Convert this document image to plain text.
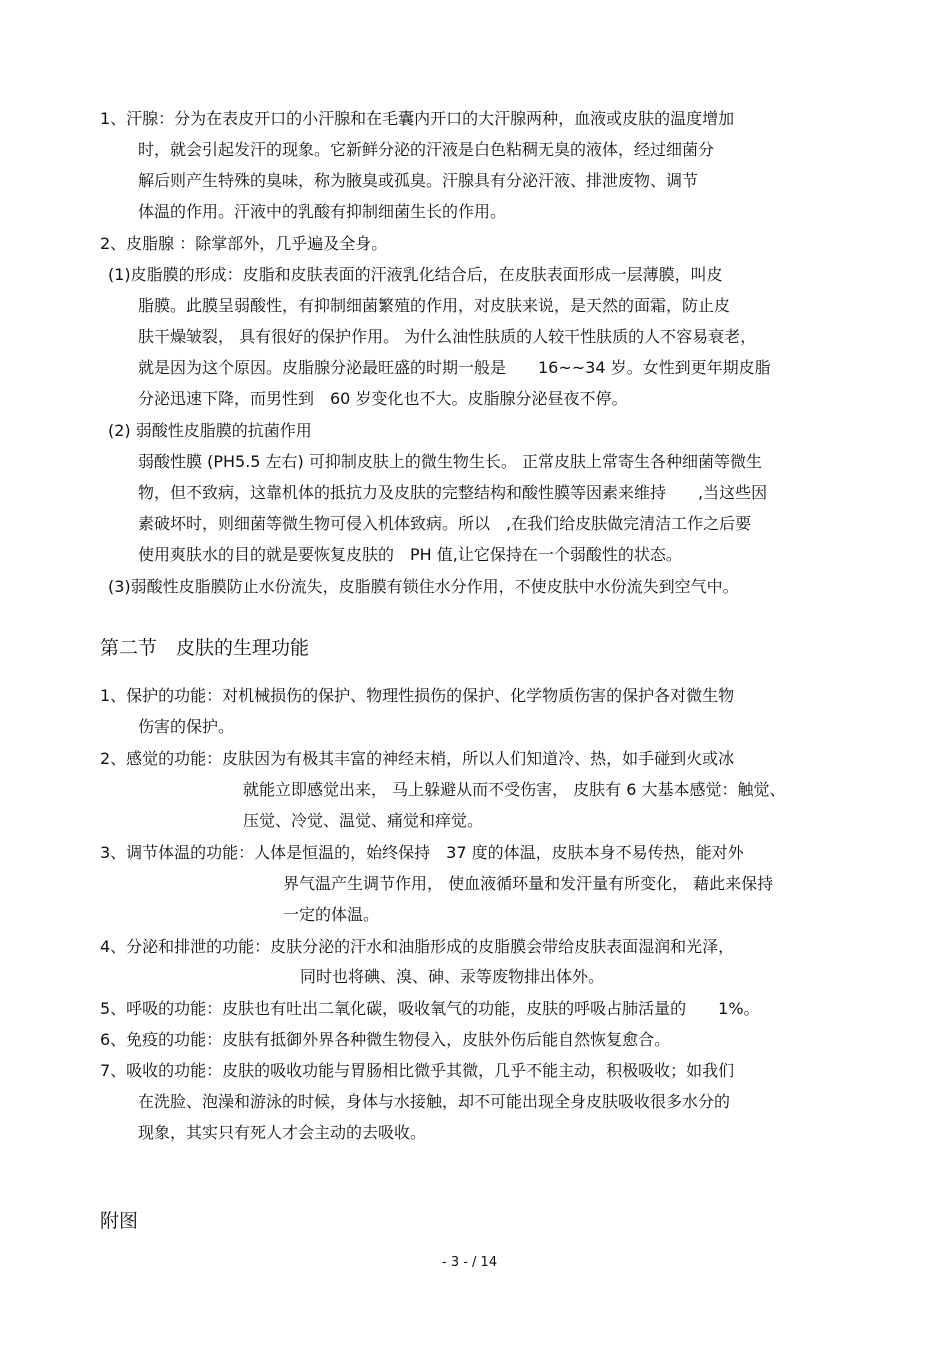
1、汗腺：分为在表皮开口的小汗腺和在毛囊内开口的大汗腺两种，血液或皮肤的温度增加

时，就会引起发汗的现象。它新鲜分泌的汗液是白色粘稠无臭的液体，经过细菌分

解后则产生特殊的臭味，称为腋臭或孤臭。汗腺具有分泌汗液、排泄废物、调节

体温的作用。汗液中的乳酸有抑制细菌生长的作用。

2、皮脂腺 ：除掌部外，几乎遍及全身。

(1)皮脂膜的形成：皮脂和皮肤表面的汗液乳化结合后，在皮肤表面形成一层薄膜，叫皮

脂膜。此膜呈弱酸性，有抑制细菌繁殖的作用，对皮肤来说，是天然的面霜，防止皮

肤干燥皱裂， 具有很好的保护作用。 为什么油性肤质的人较干性肤质的人不容易衰老，

就是因为这个原因。皮脂腺分泌最旺盛的时期一般是　　16~~34 岁。女性到更年期皮脂

分泌迅速下降，而男性到　60 岁变化也不大。皮脂腺分泌昼夜不停。

(2) 弱酸性皮脂膜的抗菌作用

弱酸性膜 (PH5.5 左右) 可抑制皮肤上的微生物生长。 正常皮肤上常寄生各种细菌等微生

物，但不致病，这靠机体的抵抗力及皮肤的完整结构和酸性膜等因素来维持　　,当这些因

素破坏时，则细菌等微生物可侵入机体致病。所以　,在我们给皮肤做完清洁工作之后要

使用爽肤水的目的就是要恢复皮肤的　PH 值,让它保持在一个弱酸性的状态。

(3)弱酸性皮脂膜防止水份流失，皮脂膜有锁住水分作用，不使皮肤中水份流失到空气中。

第二节　皮肤的生理功能

1、保护的功能：对机械损伤的保护、物理性损伤的保护、化学物质伤害的保护各对微生物

伤害的保护。

2、感觉的功能：皮肤因为有极其丰富的神经末梢，所以人们知道冷、热，如手碰到火或冰

就能立即感觉出来， 马上躲避从而不受伤害， 皮肤有 6 大基本感觉：触觉、

压觉、冷觉、温觉、痛觉和痒觉。

3、调节体温的功能：人体是恒温的，始终保持　37 度的体温，皮肤本身不易传热，能对外

界气温产生调节作用， 使血液循环量和发汗量有所变化， 藉此来保持

一定的体温。

4、分泌和排泄的功能：皮肤分泌的汗水和油脂形成的皮脂膜会带给皮肤表面湿润和光泽，

同时也将碘、溴、砷、汞等废物排出体外。

5、呼吸的功能：皮肤也有吐出二氧化碳，吸收氧气的功能，皮肤的呼吸占肺活量的　　1%。

6、免疫的功能：皮肤有抵御外界各种微生物侵入，皮肤外伤后能自然恢复愈合。

7、吸收的功能：皮肤的吸收功能与胃肠相比微乎其微，几乎不能主动，积极吸收；如我们

在洗脸、泡澡和游泳的时候，身体与水接触，却不可能出现全身皮肤吸收很多水分的

现象，其实只有死人才会主动的去吸收。

附图

- 3 - / 14
